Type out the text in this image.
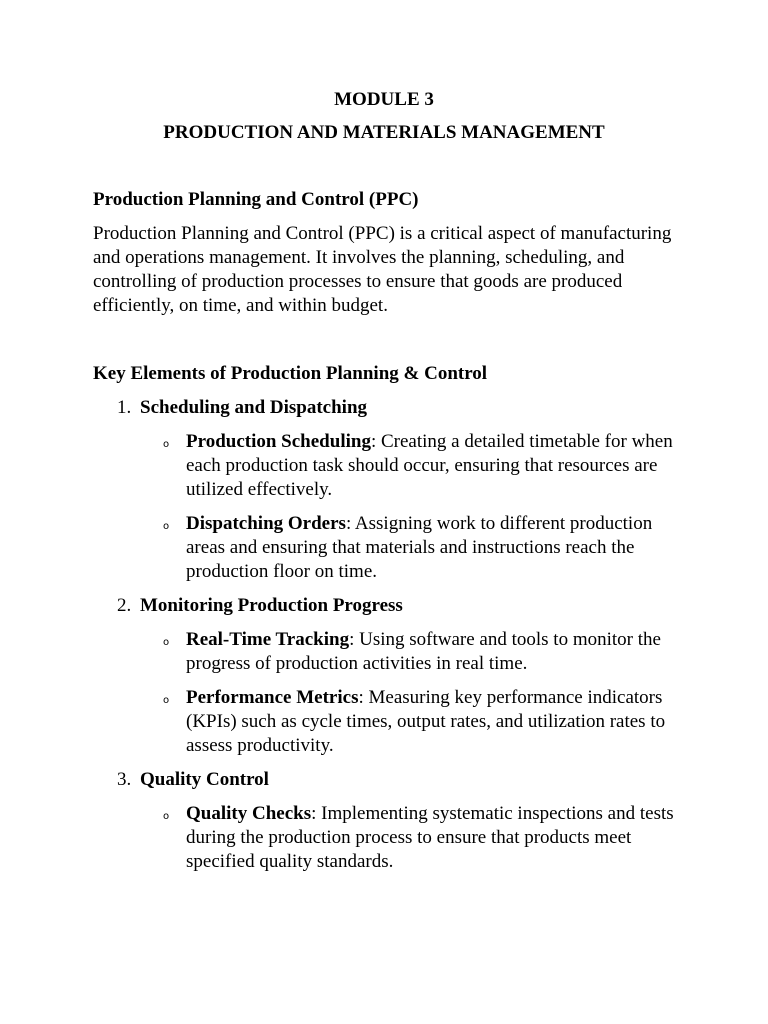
MODULE 3
PRODUCTION AND MATERIALS MANAGEMENT

Production Planning and Control (PPC)

Production Planning and Control (PPC) is a critical aspect of manufacturing and operations management. It involves the planning, scheduling, and controlling of production processes to ensure that goods are produced efficiently, on time, and within budget.

Key Elements of Production Planning & Control

1. Scheduling and Dispatching
o Production Scheduling: Creating a detailed timetable for when each production task should occur, ensuring that resources are utilized effectively.
o Dispatching Orders: Assigning work to different production areas and ensuring that materials and instructions reach the production floor on time.
2. Monitoring Production Progress
o Real-Time Tracking: Using software and tools to monitor the progress of production activities in real time.
o Performance Metrics: Measuring key performance indicators (KPIs) such as cycle times, output rates, and utilization rates to assess productivity.
3. Quality Control
o Quality Checks: Implementing systematic inspections and tests during the production process to ensure that products meet specified quality standards.
